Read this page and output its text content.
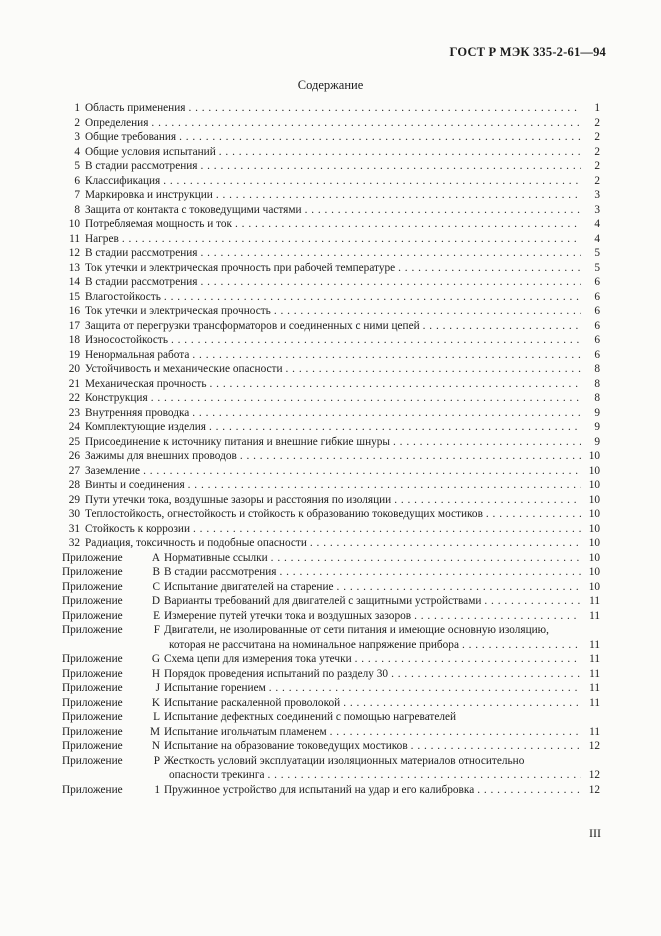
ГОСТ Р МЭК 335-2-61—94
Содержание
1 Область применения . . .	1
2 Определения . . .	2
3 Общие требования . . .	2
4 Общие условия испытаний . . .	2
5 В стадии рассмотрения . . .	2
6 Классификация . . .	2
7 Маркировка и инструкции . . .	3
8 Защита от контакта с токоведущими частями . . .	3
10 Потребляемая мощность и ток . . .	4
11 Нагрев . . .	4
12 В стадии рассмотрения . . .	5
13 Ток утечки и электрическая прочность при рабочей температуре . . .	5
14 В стадии рассмотрения . . .	6
15 Влагостойкость . . .	6
16 Ток утечки и электрическая прочность . . .	6
17 Защита от перегрузки трансформаторов и соединенных с ними цепей . . .	6
18 Износостойкость . . .	6
19 Ненормальная работа . . .	6
20 Устойчивость и механические опасности . . .	8
21 Механическая прочность . . .	8
22 Конструкция . . .	8
23 Внутренняя проводка . . .	9
24 Комплектующие изделия . . .	9
25 Присоединение к источнику питания и внешние гибкие шнуры . . .	9
26 Зажимы для внешних проводов . . .	10
27 Заземление . . .	10
28 Винты и соединения . . .	10
29 Пути утечки тока, воздушные зазоры и расстояния по изоляции . . .	10
30 Теплостойкость, огнестойкость и стойкость к образованию токоведущих мостиков . . .	10
31 Стойкость к коррозии . . .	10
32 Радиация, токсичность и подобные опасности . . .	10
Приложение	A Нормативные ссылки . . .	10
Приложение	B В стадии рассмотрения . . .	10
Приложение	C Испытание двигателей на старение . . .	10
Приложение	D Варианты требований для двигателей с защитными устройствами . . .	11
Приложение	E Измерение путей утечки тока и воздушных зазоров . . .	11
Приложение	F Двигатели, не изолированные от сети питания и имеющие основную изоляцию,
которая не рассчитана на номинальное напряжение прибора . . .	11
Приложение	G Схема цепи для измерения тока утечки . . .	11
Приложение	H Порядок проведения испытаний по разделу 30 . . .	11
Приложение	J Испытание горением . . .	11
Приложение	K Испытание раскаленной проволокой . . .	11
Приложение	L Испытание дефектных соединений с помощью нагревателей
Приложение	M Испытание игольчатым пламенем . . .	11
Приложение	N Испытание на образование токоведущих мостиков . . .	12
Приложение	P Жесткость условий эксплуатации изоляционных материалов относительно
опасности трекинга . . .	12
Приложение	1 Пружинное устройство для испытаний на удар и его калибровка . . .	12
III
